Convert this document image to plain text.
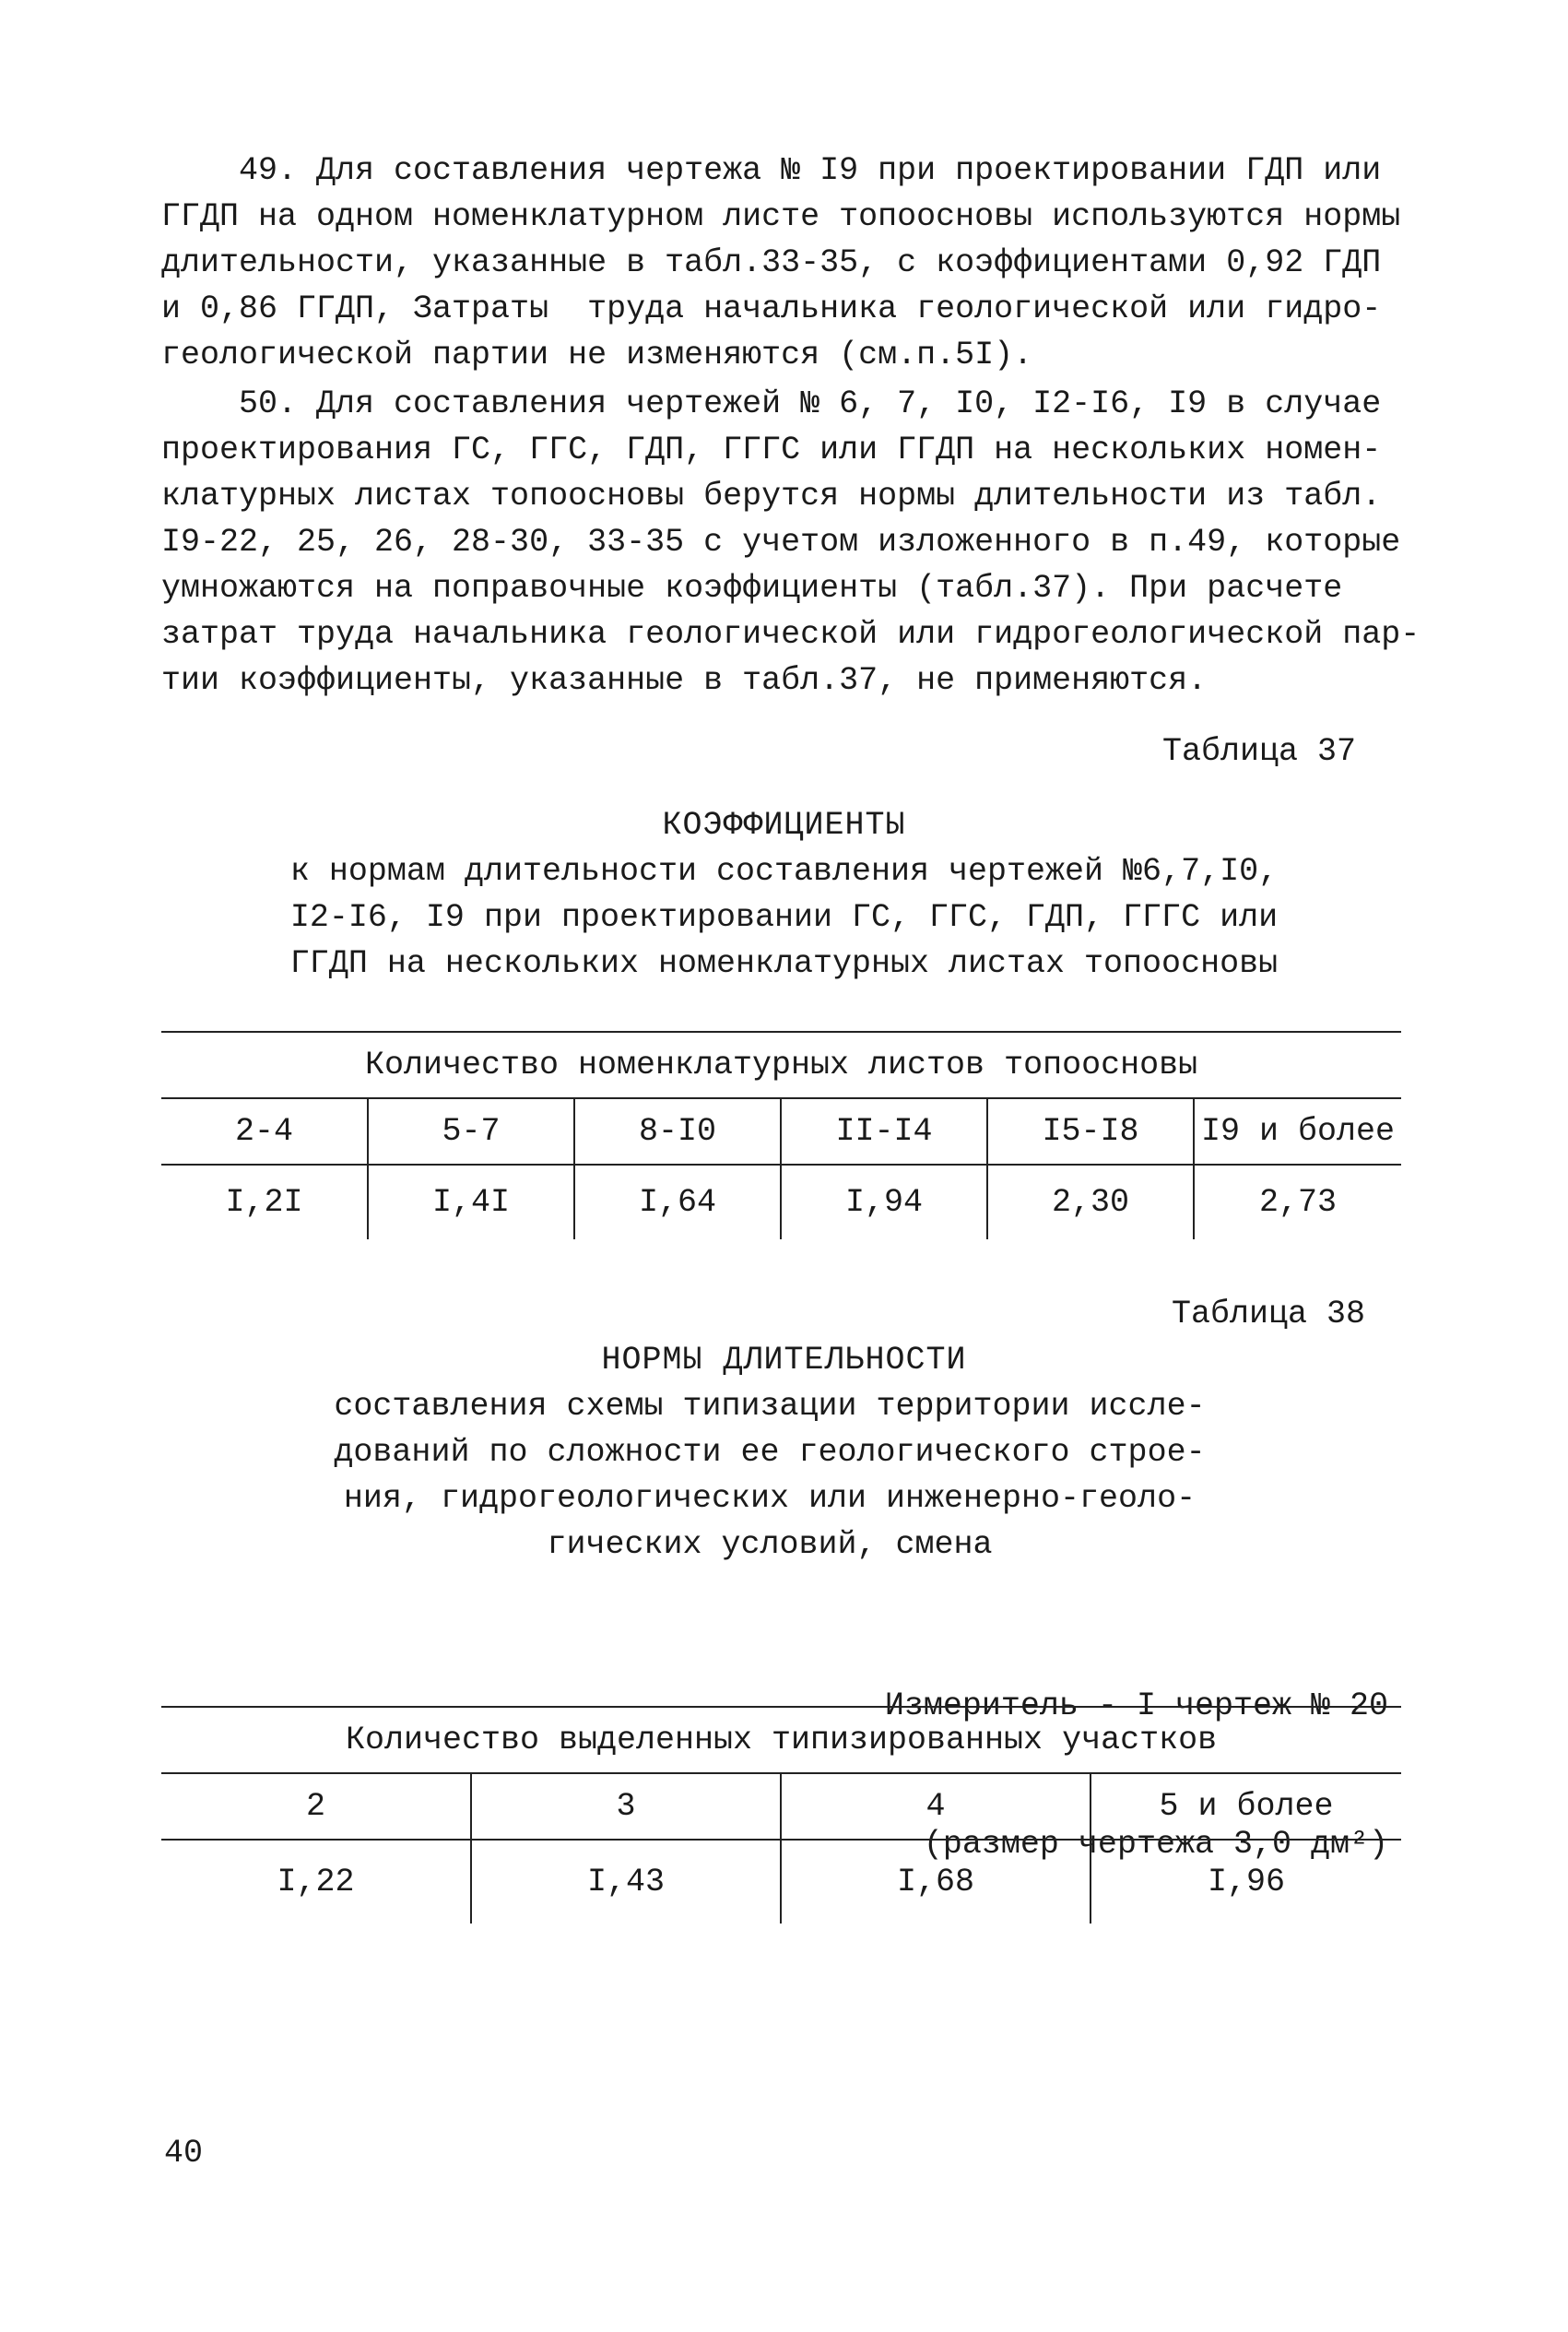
49. Для составления чертежа № I9 при проектировании ГДП или
ГГДП на одном номенклатурном листе топоосновы используются нормы
длительности, указанные в табл.33-35, с коэффициентами 0,92 ГДП
и 0,86 ГГДП, Затраты  труда начальника геологической или гидро-
геологической партии не изменяются (см.п.5I).
50. Для составления чертежей № 6, 7, I0, I2-I6, I9 в случае
проектирования ГС, ГГС, ГДП, ГГГС или ГГДП на нескольких номен-
клатурных листах топоосновы берутся нормы длительности из табл.
I9-22, 25, 26, 28-30, 33-35 с учетом изложенного в п.49, которые
умножаются на поправочные коэффициенты (табл.37). При расчете
затрат труда начальника геологической или гидрогеологической пар-
тии коэффициенты, указанные в табл.37, не применяются.
Таблица 37
КОЭФФИЦИЕНТЫ
к нормам длительности составления чертежей №6,7,I0,
I2-I6, I9 при проектировании ГС, ГГС, ГДП, ГГГС или
ГГДП на нескольких номенклатурных листах топоосновы
Количество номенклатурных листов топоосновы					
2-4	5-7	8-I0	II-I4	I5-I8	I9 и более
I,2I	I,4I	I,64	I,94	2,30	2,73
Таблица 38
НОРМЫ ДЛИТЕЛЬНОСТИ
составления схемы типизации территории иссле-
дований по сложности ее геологического строе-
ния, гидрогеологических или инженерно-геоло-
гических условий, смена

Измеритель - I чертеж № 20

(размер чертежа 3,0 дм²)

Количество выделенных типизированных участков			
2	3	4	5 и более
I,22	I,43	I,68	I,96
40
